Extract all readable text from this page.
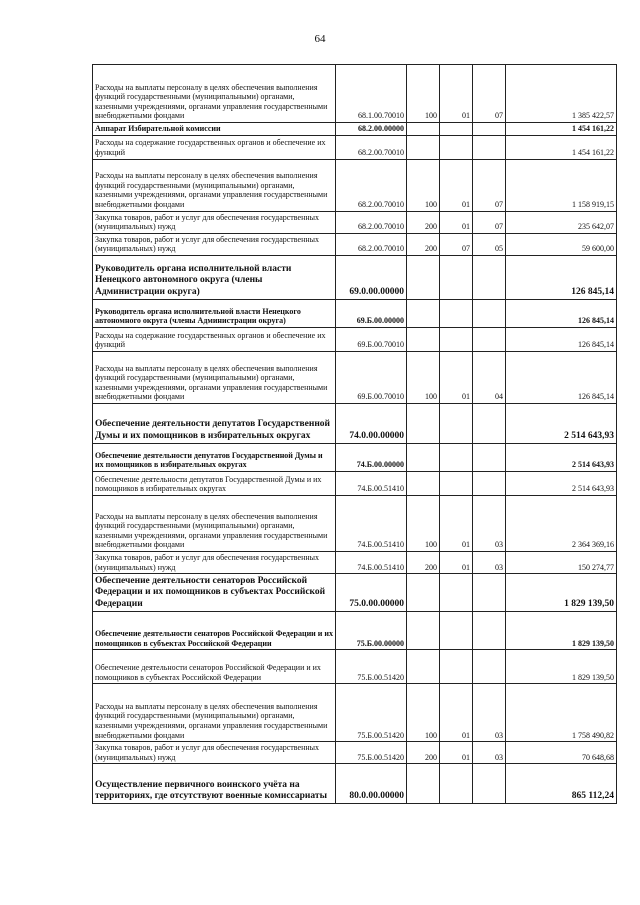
64
Расходы на выплаты персоналу в целях обеспечения выполнения функций государственными (муниципальными) органами, казенными учреждениями, органами управления государственными внебюджетными фондами	68.1.00.70010	100	01	07	1 385 422,57
Аппарат Избирательной комиссии	68.2.00.00000				1 454 161,22
Расходы на содержание государственных органов и обеспечение их функций	68.2.00.70010				1 454 161,22
Расходы на выплаты персоналу в целях обеспечения выполнения функций государственными (муниципальными) органами, казенными учреждениями, органами управления государственными внебюджетными фондами	68.2.00.70010	100	01	07	1 158 919,15
Закупка товаров, работ и услуг для обеспечения государственных (муниципальных) нужд	68.2.00.70010	200	01	07	235 642,07
Закупка товаров, работ и услуг для обеспечения государственных (муниципальных) нужд	68.2.00.70010	200	07	05	59 600,00
Руководитель органа исполнительной власти Ненецкого автономного округа (члены Администрации округа)	69.0.00.00000				126 845,14
Руководитель органа исполнительной власти Ненецкого автономного округа (члены Администрации округа)	69.Б.00.00000				126 845,14
Расходы на содержание государственных органов и обеспечение их функций	69.Б.00.70010				126 845,14
Расходы на выплаты персоналу в целях обеспечения выполнения функций государственными (муниципальными) органами, казенными учреждениями, органами управления государственными внебюджетными фондами	69.Б.00.70010	100	01	04	126 845,14
Обеспечение деятельности депутатов Государственной Думы и их помощников в избирательных округах	74.0.00.00000				2 514 643,93
Обеспечение деятельности депутатов Государственной Думы и их помощников в избирательных округах	74.Б.00.00000				2 514 643,93
Обеспечение деятельности депутатов Государственной Думы и их помощников в избирательных округах	74.Б.00.51410				2 514 643,93
Расходы на выплаты персоналу в целях обеспечения выполнения функций государственными (муниципальными) органами, казенными учреждениями, органами управления государственными внебюджетными фондами	74.Б.00.51410	100	01	03	2 364 369,16
Закупка товаров, работ и услуг для обеспечения государственных (муниципальных) нужд	74.Б.00.51410	200	01	03	150 274,77
Обеспечение деятельности сенаторов Российской Федерации и их помощников в субъектах Российской Федерации	75.0.00.00000				1 829 139,50
Обеспечение деятельности сенаторов Российской Федерации и их помощников в субъектах Российской Федерации	75.Б.00.00000				1 829 139,50
Обеспечение деятельности сенаторов Российской Федерации и их помощников в субъектах Российской Федерации	75.Б.00.51420				1 829 139,50
Расходы на выплаты персоналу в целях обеспечения выполнения функций государственными (муниципальными) органами, казенными учреждениями, органами управления государственными внебюджетными фондами	75.Б.00.51420	100	01	03	1 758 490,82
Закупка товаров, работ и услуг для обеспечения государственных (муниципальных) нужд	75.Б.00.51420	200	01	03	70 648,68
Осуществление первичного воинского учёта на территориях, где отсутствуют военные комиссариаты	80.0.00.00000				865 112,24
